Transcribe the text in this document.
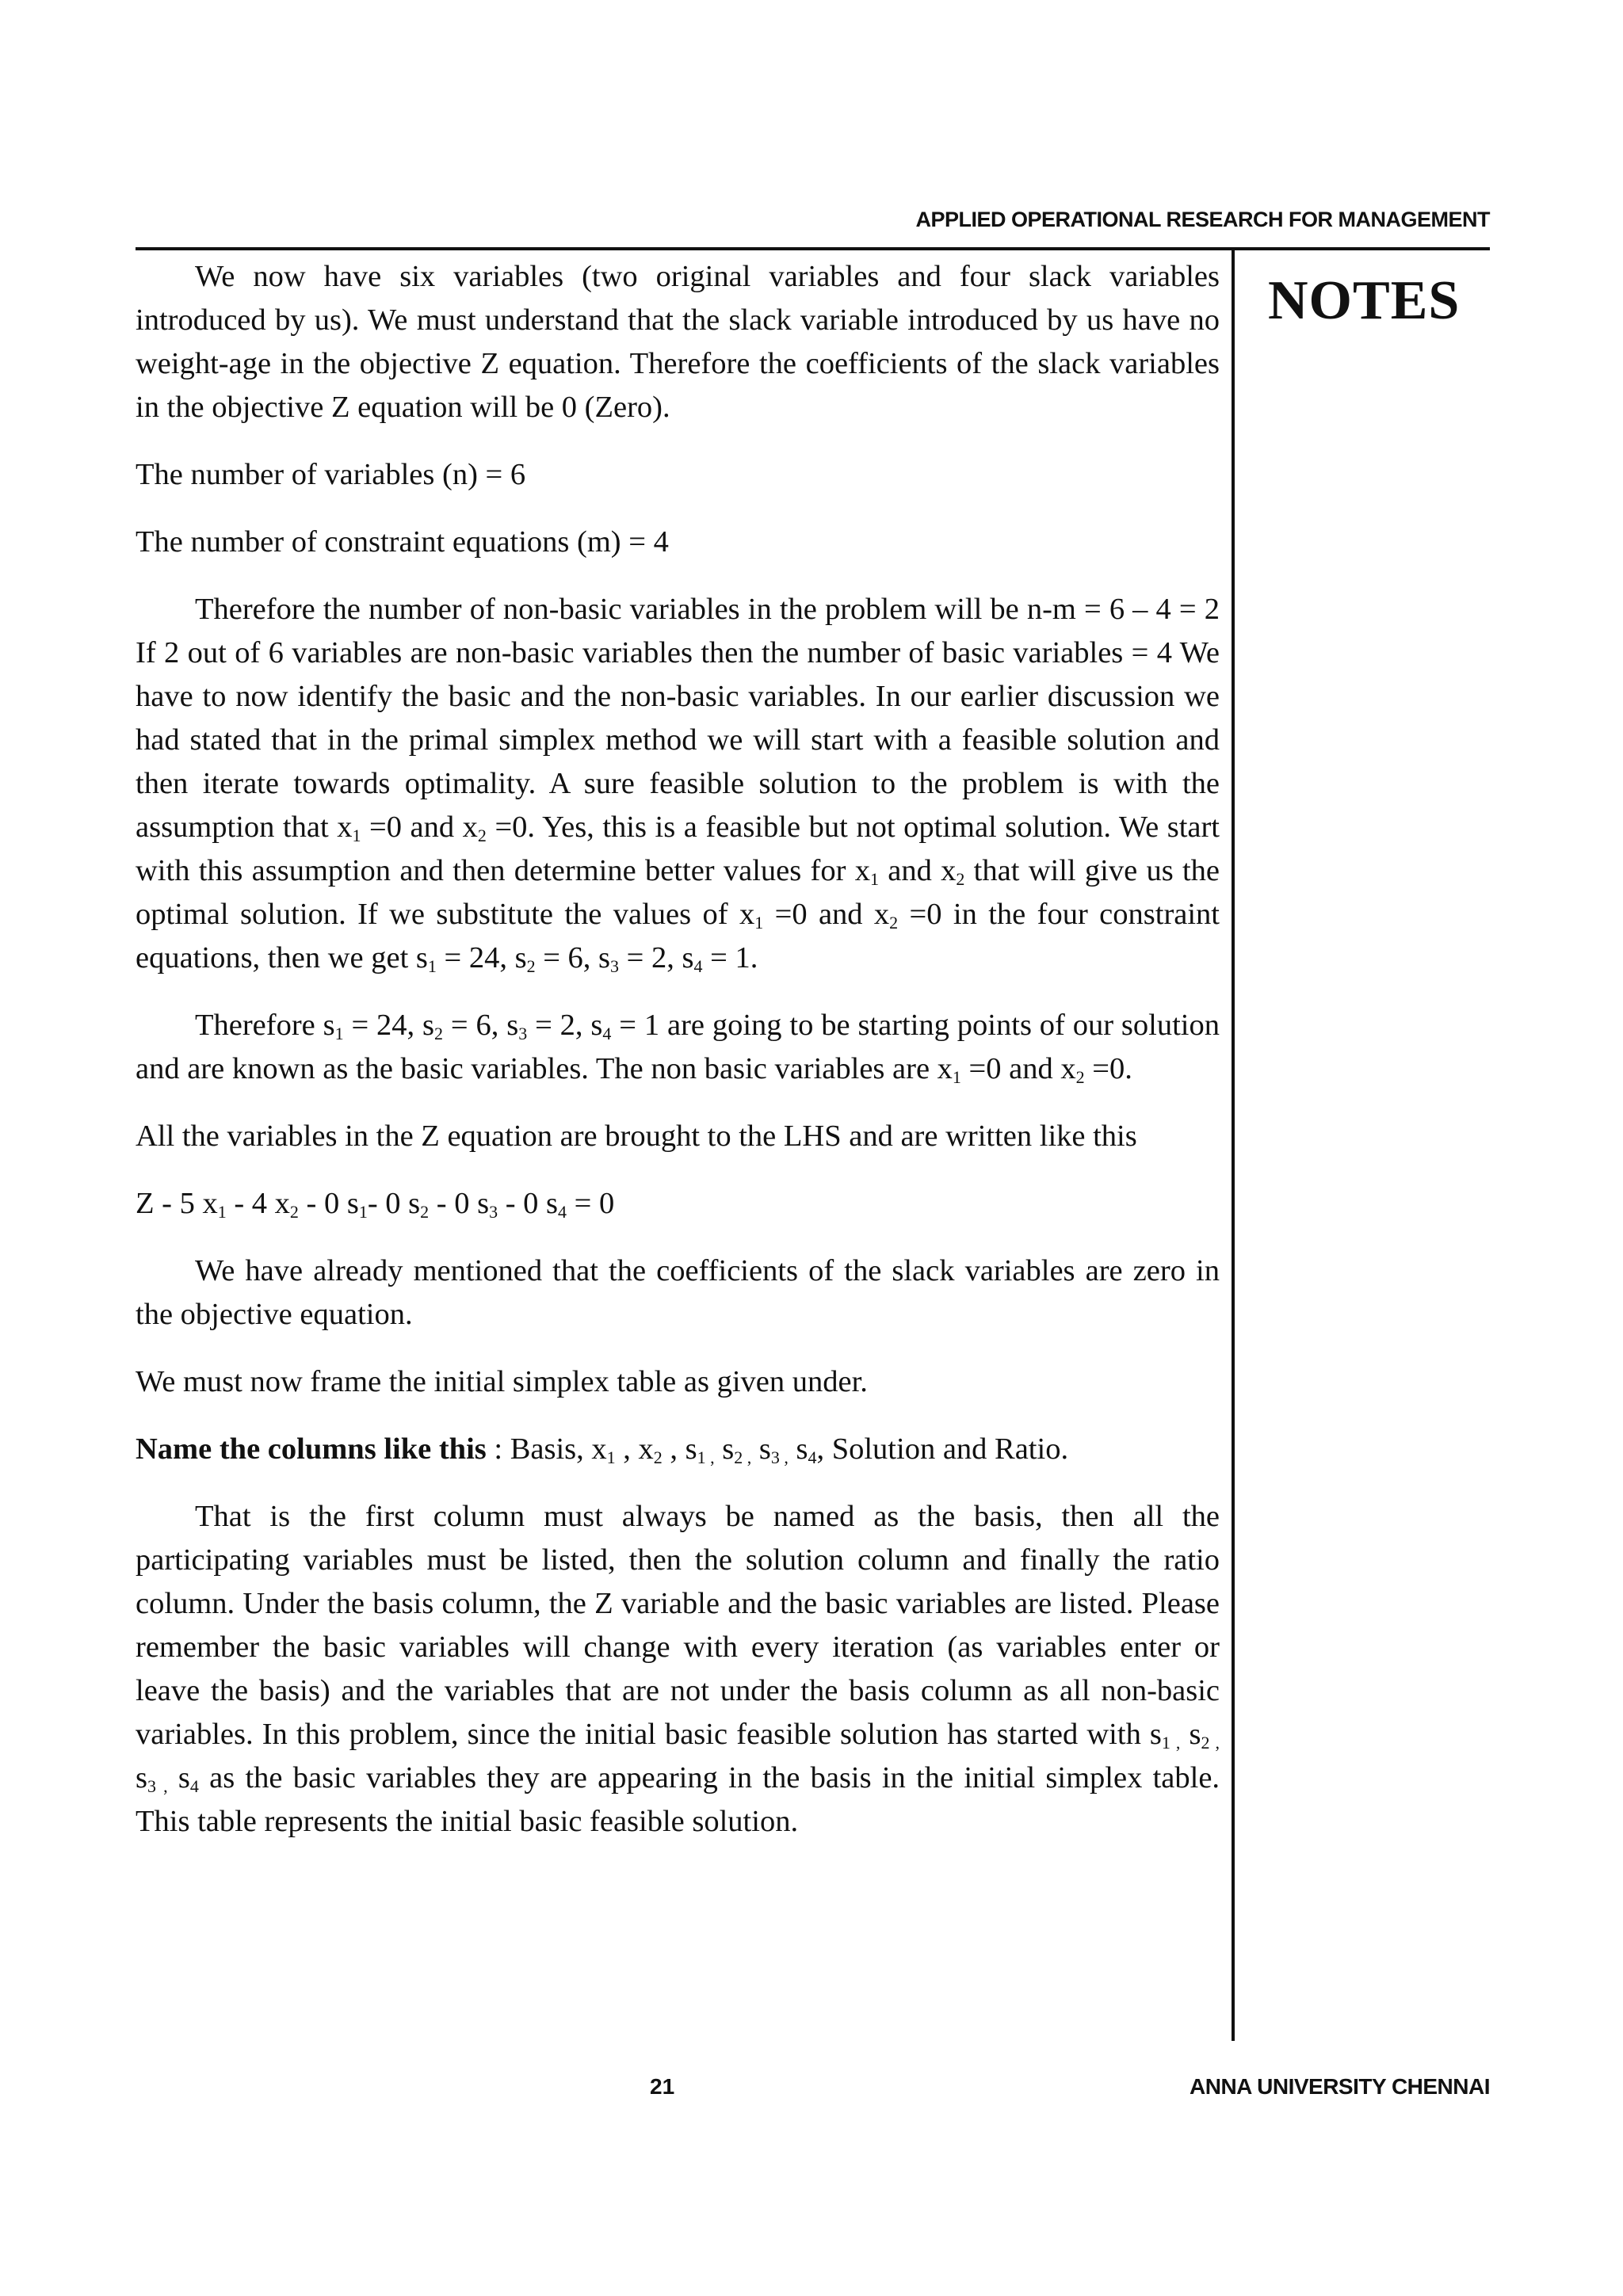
APPLIED OPERATIONAL RESEARCH FOR MANAGEMENT
NOTES

We now have six variables (two original variables and four slack variables introduced by us). We must understand that the slack variable introduced by us have no weight-age in the objective Z equation. Therefore the coefficients of the slack variables in the objective Z equation will be 0 (Zero).

The number of variables (n) = 6

The number of constraint equations (m) = 4

Therefore the number of non-basic variables in the problem will be n-m = 6 – 4 = 2 If 2 out of 6 variables are non-basic variables then the number of basic variables = 4 We have to now identify the basic and the non-basic variables. In our earlier discussion we had stated that in the primal simplex method we will start with a feasible solution and then iterate towards optimality. A sure feasible solution to the problem is with the assumption that $x_1 =0$ and $x_2 =0$. Yes, this is a feasible but not optimal solution. We start with this assumption and then determine better values for $x_1$ and $x_2$ that will give us the optimal solution. If we substitute the values of $x_1 =0$ and $x_2 =0$ in the four constraint equations, then we get $s_1 = 24$, $s_2 = 6$, $s_3 = 2$, $s_4 = 1$.

Therefore $s_1 = 24$, $s_2 = 6$, $s_3 = 2$, $s_4 = 1$ are going to be starting points of our solution and are known as the basic variables. The non basic variables are $x_1 =0$ and $x_2 =0$.

All the variables in the Z equation are brought to the LHS and are written like this

Z - 5 $x_1 - 4$ $x_2 - 0$ $s_1-$ 0 $s_2 - 0$ $s_3 - 0$ $s_4 = 0$

We have already mentioned that the coefficients of the slack variables are zero in the objective equation.

We must now frame the initial simplex table as given under.

Name the columns like this : Basis, $x_1$ , $x_2$ , $s_{1 ,}$ $s_{2 ,}$ $s_{3 ,}$ $s_4$, Solution and Ratio.

That is the first column must always be named as the basis, then all the participating variables must be listed, then the solution column and finally the ratio column. Under the basis column, the Z variable and the basic variables are listed. Please remember the basic variables will change with every iteration (as variables enter or leave the basis) and the variables that are not under the basis column as all non-basic variables. In this problem, since the initial basic feasible solution has started with $s_{1 ,}$ $s_{2 ,}$ $s_{3 ,}$ $s_4$ as the basic variables they are appearing in the basis in the initial simplex table. This table represents the initial basic feasible solution.

21	ANNA UNIVERSITY CHENNAI
